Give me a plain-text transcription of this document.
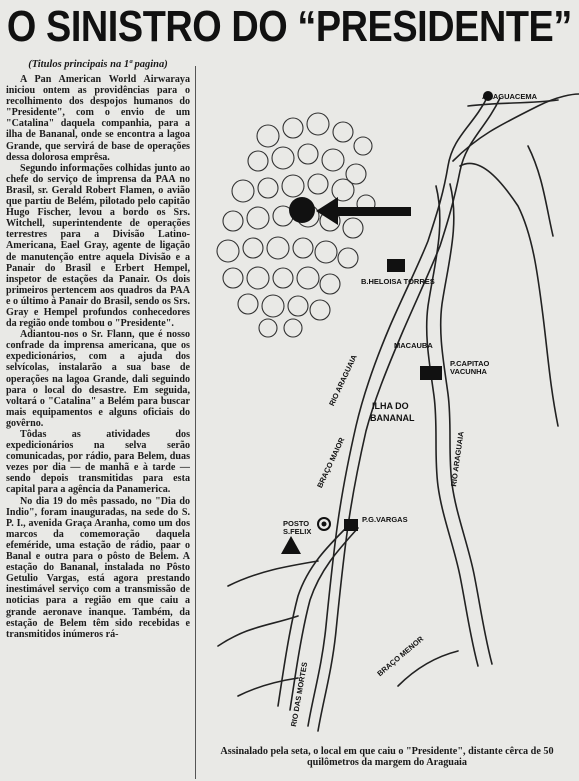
O SINISTRO DO “PRESIDENTE”
(Titulos principais na 1ª pagina)

A Pan American World Airwaraya iniciou ontem as providências para o recolhimento dos despojos humanos do "Presidente", com o envio de um "Catalina" daquela companhia, para a ilha de Bananal, onde se encontra a lagoa Grande, que servirá de base de operações dessa dolorosa emprêsa.

Segundo informações colhidas junto ao chefe do serviço de imprensa da PAA no Brasil, sr. Gerald Robert Flamen, o avião que partiu de Belém, pilotado pelo capitão Hugo Fischer, levou a bordo os Srs. Witchell, superintendente de operações terrestres para a Divisão Latino-Americana, Eael Gray, agente de ligação de manutenção entre aquela Divisão e a Panair do Brasil e Erbert Hempel, inspetor de estações da Panair. Os dois primeiros pertencem aos quadros da PAA e o último à Panair do Brasil, sendo os Srs. Gray e Hempel profundos conhecedores da região onde tombou o "Presidente".

Adiantou-nos o Sr. Flann, que é nosso confrade da imprensa americana, que os expedicionários, com a ajuda dos selvícolas, instalarão a sua base de operações na lagoa Grande, dali seguindo para o local do desastre. Em seguida, voltará o "Catalina" a Belém para buscar mais equipamentos e alguns oficiais do govêrno.

Tôdas as atividades dos expedicionários na selva serão comunicadas, por rádio, para Belem, duas vezes por dia — de manhã e à tarde — sendo depois transmitidas para esta capital para a agência da Panamerica.

No dia 19 do mês passado, no "Dia do Indio", foram inauguradas, na sede do S. P. I., avenida Graça Aranha, como um dos marcos da comemoração daquela efeméride, uma estação de rádio, paar o Banal e outra para o pôsto de Belem. A estação do Bananal, instalada no Pôsto Getulio Vargas, está agora prestando inestimável serviço com a transmissão de noticias para a região em que caiu a grande aeronave inanque. Também, da estação de Belem têm sido recebidas e transmitidos inúmeros rá-

ARAGUACEMA
B.HELOISA TORRES
MACAUBA
P.CAPITAO VACUNHA
ILHA DO
BANANAL
RIO ARAGUAIA
RIO ARAGUAIA
BRAÇO MAIOR
POSTO
S.FELIX
P.G.VARGAS
RIO DAS MORTES
BRAÇO MENOR
Assinalado pela seta, o local em que caiu o "Presidente", distante cêrca de 50 quilômetros da margem do Araguaia
